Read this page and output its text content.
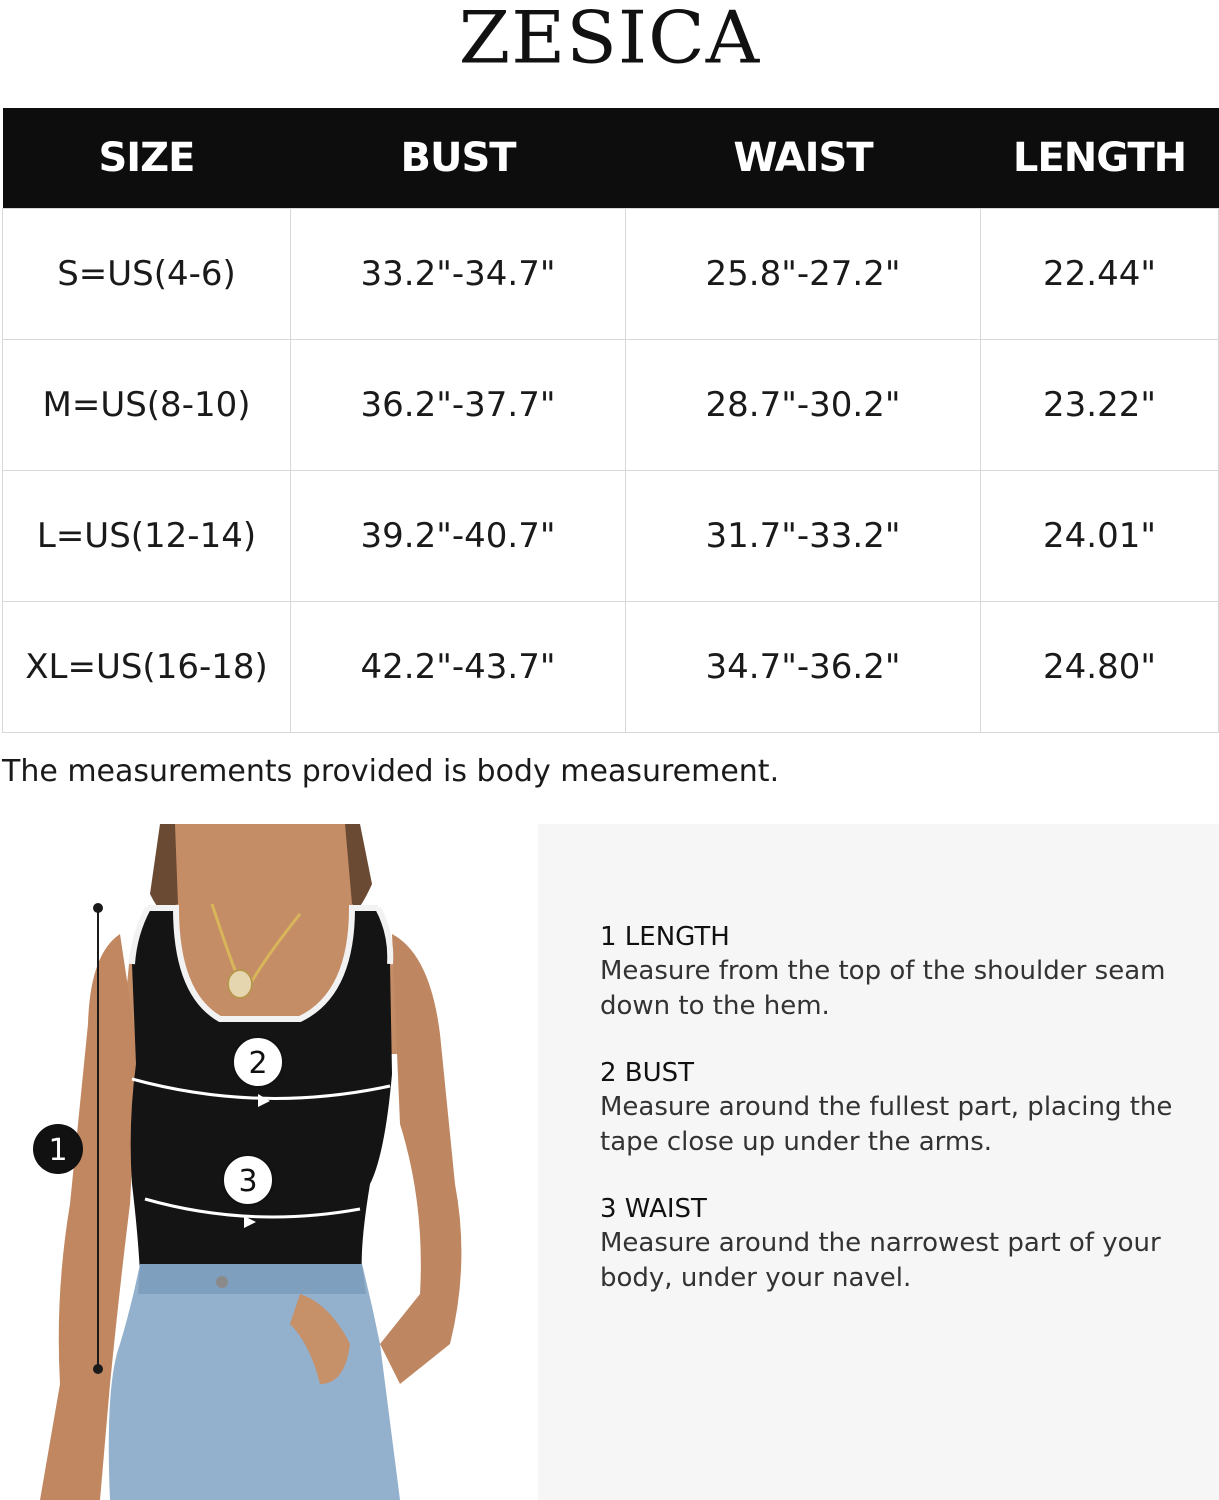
ZESICA
SIZE	BUST	WAIST	LENGTH
S=US(4-6)	33.2"-34.7"	25.8"-27.2"	22.44"
M=US(8-10)	36.2"-37.7"	28.7"-30.2"	23.22"
L=US(12-14)	39.2"-40.7"	31.7"-33.2"	24.01"
XL=US(16-18)	42.2"-43.7"	34.7"-36.2"	24.80"
The measurements provided is body measurement.
2
3
1
1 LENGTH
Measure from the top of the shoulder seam down to the hem.
2 BUST
Measure around the fullest part, placing the tape close up under the arms.
3 WAIST
Measure around the narrowest part of your body, under your navel.
